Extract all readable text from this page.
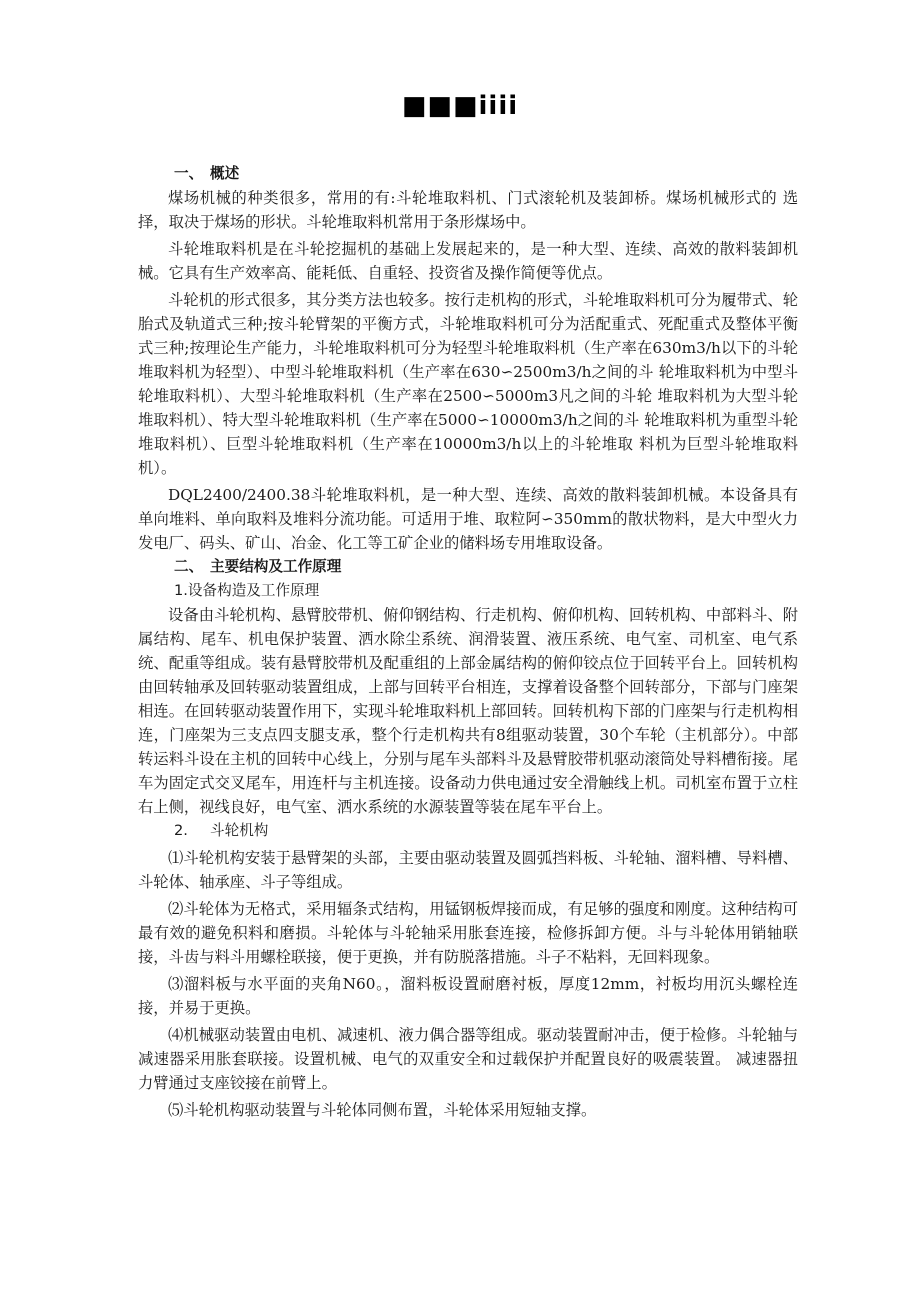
■■■iiii
一、 概述

煤场机械的种类很多，常用的有:斗轮堆取料机、门式滚轮机及装卸桥。煤场机械形式的 选择，取决于煤场的形状。斗轮堆取料机常用于条形煤场中。

斗轮堆取料机是在斗轮挖掘机的基础上发展起来的，是一种大型、连续、高效的散料装卸机械。它具有生产效率高、能耗低、自重轻、投资省及操作简便等优点。

斗轮机的形式很多，其分类方法也较多。按行走机构的形式，斗轮堆取料机可分为履带式、轮胎式及轨道式三种;按斗轮臂架的平衡方式，斗轮堆取料机可分为活配重式、死配重式及整体平衡式三种;按理论生产能力，斗轮堆取料机可分为轻型斗轮堆取料机（生产率在630m3/h以下的斗轮堆取料机为轻型）、中型斗轮堆取料机（生产率在630∽2500m3/h之间的斗 轮堆取料机为中型斗轮堆取料机）、大型斗轮堆取料机（生产率在2500∽5000m3凡之间的斗轮 堆取料机为大型斗轮堆取料机）、特大型斗轮堆取料机（生产率在5000∽10000m3/h之间的斗 轮堆取料机为重型斗轮堆取料机）、巨型斗轮堆取料机（生产率在10000m3/h以上的斗轮堆取 料机为巨型斗轮堆取料机）。

DQL2400/2400.38斗轮堆取料机，是一种大型、连续、高效的散料装卸机械。本设备具有单向堆料、单向取料及堆料分流功能。可适用于堆、取粒阿∽350mm的散状物料，是大中型火力发电厂、码头、矿山、冶金、化工等工矿企业的储料场专用堆取设备。

二、 主要结构及工作原理
1.设备构造及工作原理

设备由斗轮机构、悬臂胶带机、俯仰钢结构、行走机构、俯仰机构、回转机构、中部料斗、附属结构、尾车、机电保护装置、洒水除尘系统、润滑装置、液压系统、电气室、司机室、电气系统、配重等组成。装有悬臂胶带机及配重组的上部金属结构的俯仰铰点位于回转平台上。回转机构由回转轴承及回转驱动装置组成，上部与回转平台相连，支撑着设备整个回转部分，下部与门座架相连。在回转驱动装置作用下，实现斗轮堆取料机上部回转。回转机构下部的门座架与行走机构相连，门座架为三支点四支腿支承，整个行走机构共有8组驱动装置，30个车轮（主机部分）。中部转运料斗设在主机的回转中心线上，分别与尾车头部料斗及悬臂胶带机驱动滚筒处导料槽衔接。尾车为固定式交叉尾车，用连杆与主机连接。设备动力供电通过安全滑触线上机。司机室布置于立柱右上侧，视线良好，电气室、洒水系统的水源装置等装在尾车平台上。

2. 斗轮机构

⑴斗轮机构安装于悬臂架的头部，主要由驱动装置及圆弧挡料板、斗轮轴、溜料槽、导料槽、斗轮体、轴承座、斗子等组成。

⑵斗轮体为无格式，采用辐条式结构，用锰钢板焊接而成，有足够的强度和刚度。这种结构可最有效的避免积料和磨损。斗轮体与斗轮轴采用胀套连接，检修拆卸方便。斗与斗轮体用销轴联接，斗齿与料斗用螺栓联接，便于更换，并有防脱落措施。斗子不粘料，无回料现象。

⑶溜料板与水平面的夹角N60。，溜料板设置耐磨衬板，厚度12mm，衬板均用沉头螺栓连接，并易于更换。

⑷机械驱动装置由电机、减速机、液力偶合器等组成。驱动装置耐冲击，便于检修。斗轮轴与减速器采用胀套联接。设置机械、电气的双重安全和过载保护并配置良好的吸震装置。 减速器扭力臂通过支座铰接在前臂上。

⑸斗轮机构驱动装置与斗轮体同侧布置，斗轮体采用短轴支撑。
